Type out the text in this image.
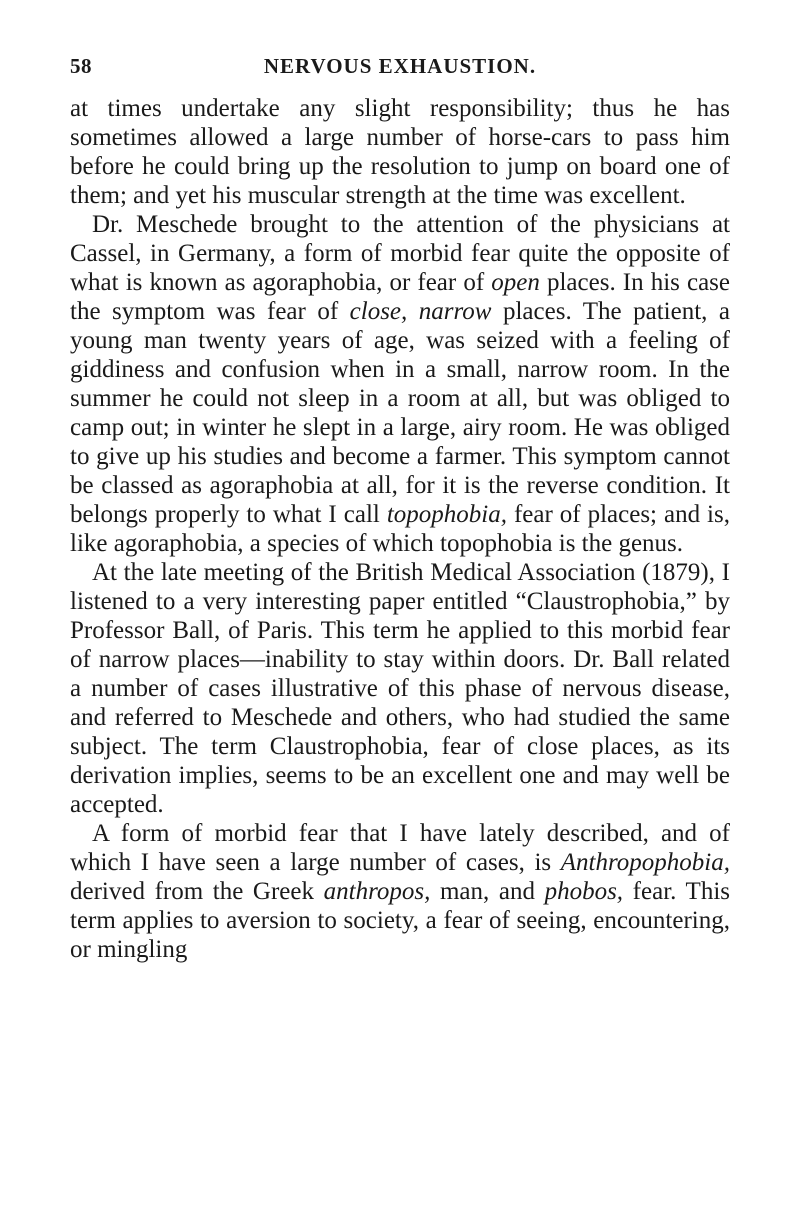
58	NERVOUS EXHAUSTION.

at times undertake any slight responsibility; thus he has sometimes allowed a large number of horse-cars to pass him before he could bring up the resolution to jump on board one of them; and yet his muscular strength at the time was excellent.

Dr. Meschede brought to the attention of the physicians at Cassel, in Germany, a form of morbid fear quite the opposite of what is known as agoraphobia, or fear of open places. In his case the symptom was fear of close, narrow places. The patient, a young man twenty years of age, was seized with a feeling of giddiness and confusion when in a small, narrow room. In the summer he could not sleep in a room at all, but was obliged to camp out; in winter he slept in a large, airy room. He was obliged to give up his studies and become a farmer. This symptom cannot be classed as agoraphobia at all, for it is the reverse condition. It belongs properly to what I call topophobia, fear of places; and is, like agoraphobia, a species of which topophobia is the genus.

At the late meeting of the British Medical Association (1879), I listened to a very interesting paper entitled “Claustrophobia,” by Professor Ball, of Paris. This term he applied to this morbid fear of narrow places—inability to stay within doors. Dr. Ball related a number of cases illustrative of this phase of nervous disease, and referred to Meschede and others, who had studied the same subject. The term Claustrophobia, fear of close places, as its derivation implies, seems to be an excellent one and may well be accepted.

A form of morbid fear that I have lately described, and of which I have seen a large number of cases, is Anthropophobia, derived from the Greek anthropos, man, and phobos, fear. This term applies to aversion to society, a fear of seeing, encountering, or mingling
